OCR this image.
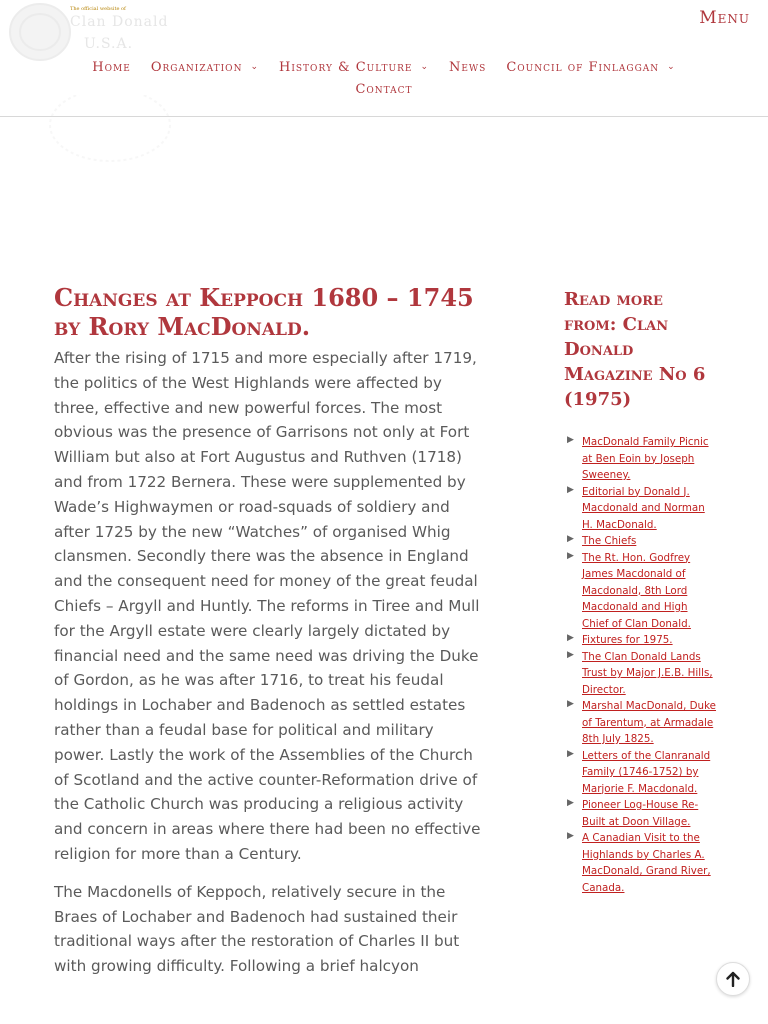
The official website of
Clan Donald
U.S.A.
Menu
Home Organization ⌄ History & Culture ⌄ News Council of Finlaggan ⌄
Contact
Changes at Keppoch 1680 – 1745 by Rory MacDonald.

After the rising of 1715 and more especially after 1719, the politics of the West Highlands were affected by three, effective and new powerful forces. The most obvious was the presence of Garrisons not only at Fort William but also at Fort Augustus and Ruthven (1718) and from 1722 Bernera. These were supplemented by Wade’s Highwaymen or road-squads of soldiery and after 1725 by the new “Watches” of organised Whig clansmen. Secondly there was the absence in England and the consequent need for money of the great feudal Chiefs – Argyll and Huntly. The reforms in Tiree and Mull for the Argyll estate were clearly largely dictated by financial need and the same need was driving the Duke of Gordon, as he was after 1716, to treat his feudal holdings in Lochaber and Badenoch as settled estates rather than a feudal base for political and military power. Lastly the work of the Assemblies of the Church of Scotland and the active counter-Reformation drive of the Catholic Church was producing a religious activity and concern in areas where there had been no effective religion for more than a Century.

The Macdonells of Keppoch, relatively secure in the Braes of Lochaber and Badenoch had sustained their traditional ways after the restoration of Charles II but with growing difficulty. Following a brief halcyon

Read more from: Clan Donald Magazine No 6 (1975)
▶ MacDonald Family Picnic at Ben Eoin by Joseph Sweeney.
▶ Editorial by Donald J. Macdonald and Norman H. MacDonald.
▶ The Chiefs
▶ The Rt. Hon. Godfrey James Macdonald of Macdonald, 8th Lord Macdonald and High Chief of Clan Donald.
▶ Fixtures for 1975.
▶ The Clan Donald Lands Trust by Major J.E.B. Hills, Director.
▶ Marshal MacDonald, Duke of Tarentum, at Armadale 8th July 1825.
▶ Letters of the Clanranald Family (1746-1752) by Marjorie F. Macdonald.
▶ Pioneer Log-House Re-Built at Doon Village.
▶ A Canadian Visit to the Highlands by Charles A. MacDonald, Grand River, Canada.
